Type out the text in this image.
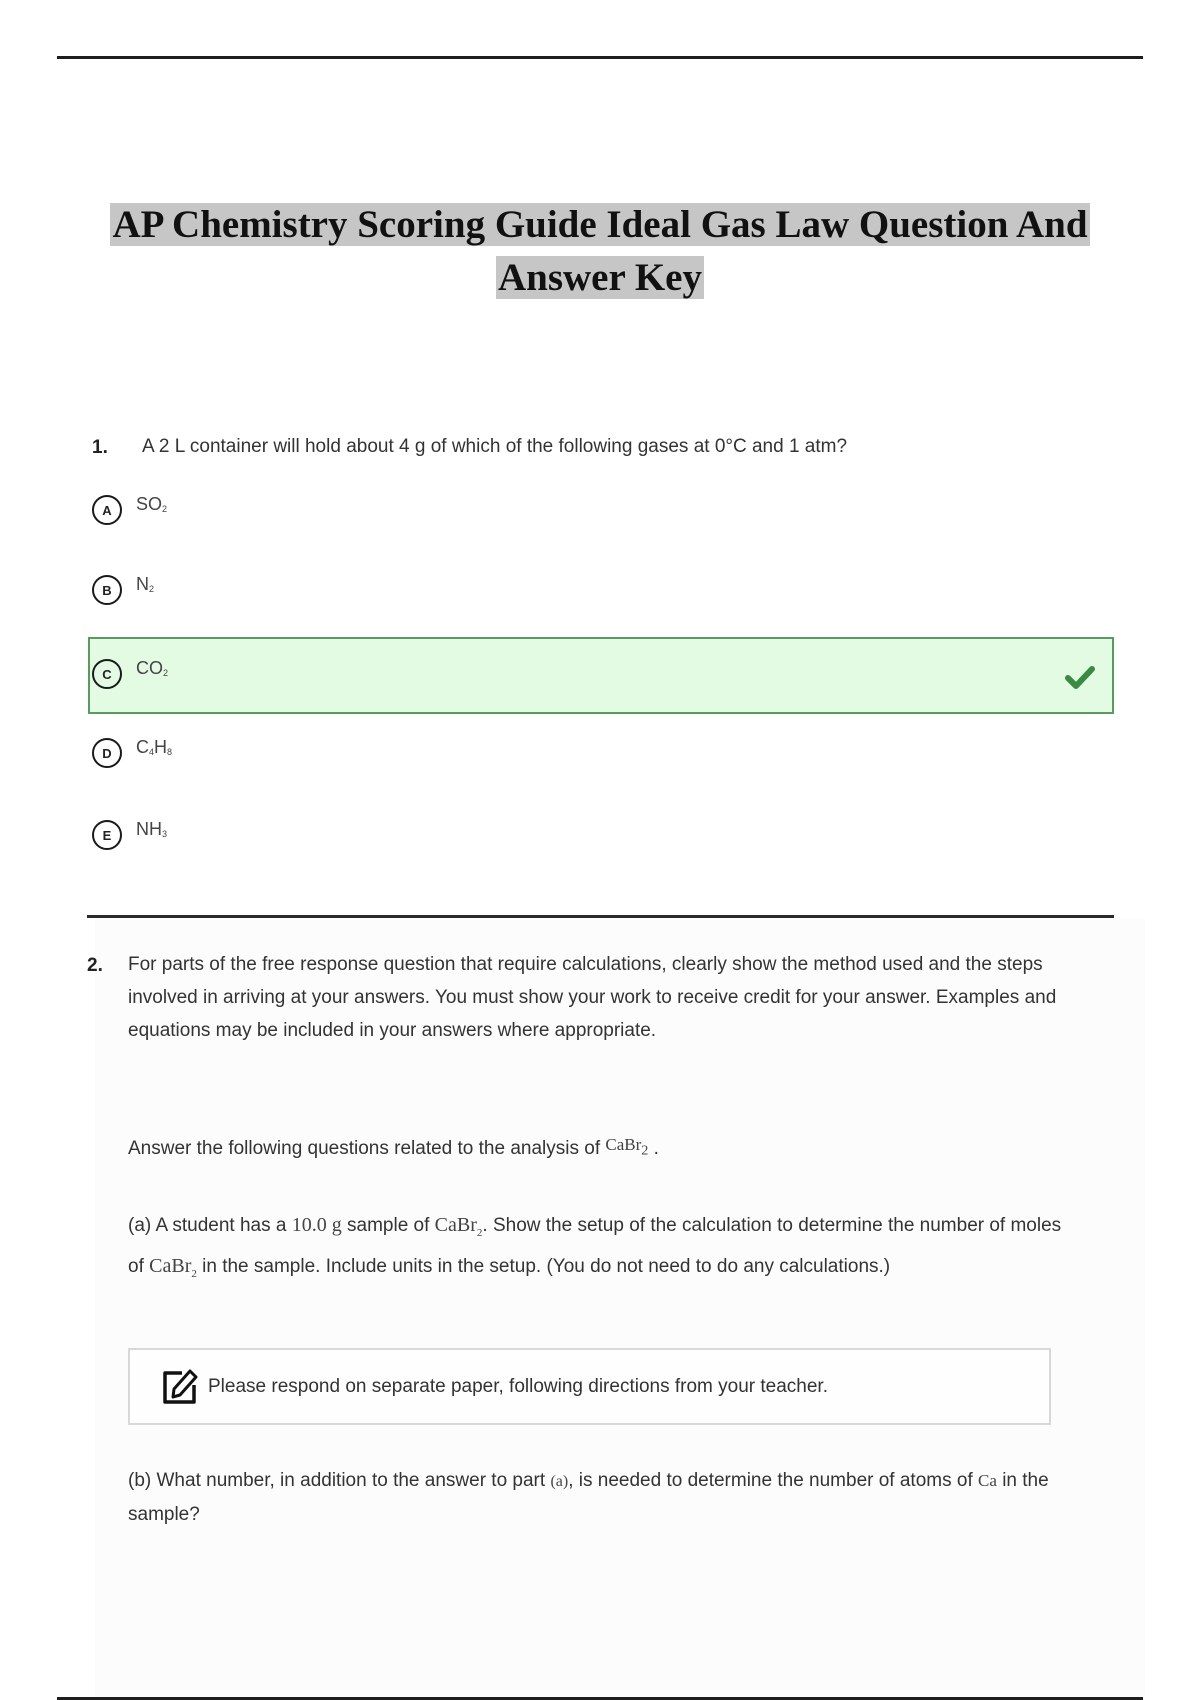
AP Chemistry Scoring Guide Ideal Gas Law Question And
Answer Key
1. A 2 L container will hold about 4 g of which of the following gases at 0°C and 1 atm?
A	$SO_2$
B	$N_2$
C	$CO_2$
D	$C_4H_8$
E	$NH_3$
2. For parts of the free response question that require calculations, clearly show the method used and the steps involved in arriving at your answers. You must show your work to receive credit for your answer. Examples and equations may be included in your answers where appropriate.
Answer the following questions related to the analysis of CaBr$_2$ .
(a) A student has a 10.0 g sample of CaBr$_2$. Show the setup of the calculation to determine the number of moles of CaBr$_2$ in the sample. Include units in the setup. (You do not need to do any calculations.)
Please respond on separate paper, following directions from your teacher.
(b) What number, in addition to the answer to part (a), is needed to determine the number of atoms of Ca in the sample?
